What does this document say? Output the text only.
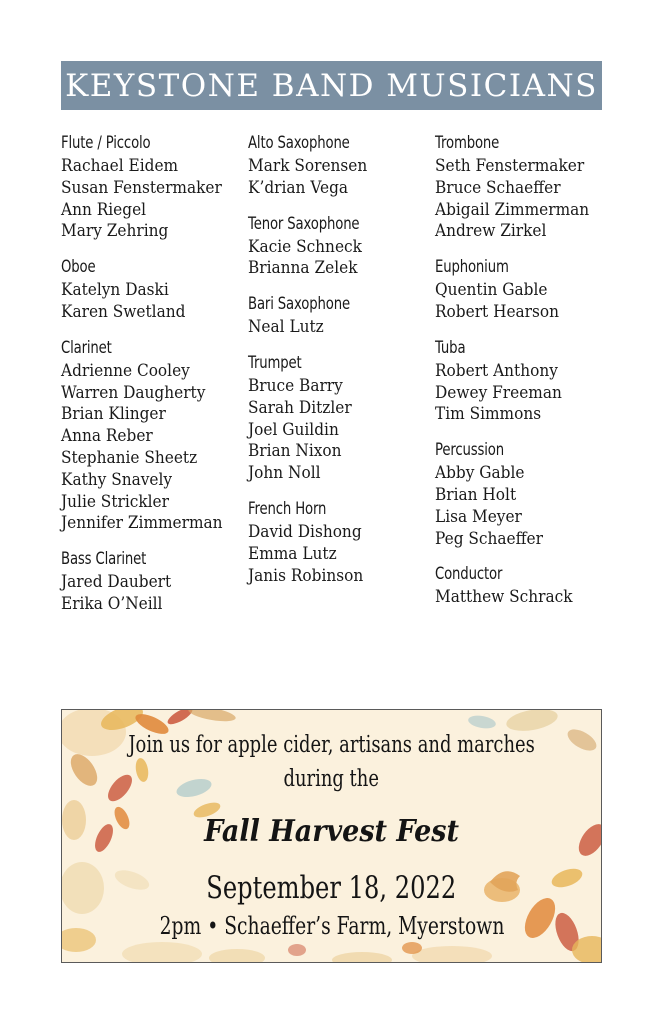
KEYSTONE BAND MUSICIANS
Flute / Piccolo
Rachael Eidem
Susan Fenstermaker
Ann Riegel
Mary Zehring
Oboe
Katelyn Daski
Karen Swetland
Clarinet
Adrienne Cooley
Warren Daugherty
Brian Klinger
Anna Reber
Stephanie Sheetz
Kathy Snavely
Julie Strickler
Jennifer Zimmerman
Bass Clarinet
Jared Daubert
Erika O’Neill
Alto Saxophone
Mark Sorensen
K’drian Vega
Tenor Saxophone
Kacie Schneck
Brianna Zelek
Bari Saxophone
Neal Lutz
Trumpet
Bruce Barry
Sarah Ditzler
Joel Guildin
Brian Nixon
John Noll
French Horn
David Dishong
Emma Lutz
Janis Robinson
Trombone
Seth Fenstermaker
Bruce Schaeffer
Abigail Zimmerman
Andrew Zirkel
Euphonium
Quentin Gable
Robert Hearson
Tuba
Robert Anthony
Dewey Freeman
Tim Simmons
Percussion
Abby Gable
Brian Holt
Lisa Meyer
Peg Schaeffer
Conductor
Matthew Schrack
Join us for apple cider, artisans and marches
during the
Fall Harvest Fest
September 18, 2022
2pm • Schaeffer’s Farm, Myerstown
